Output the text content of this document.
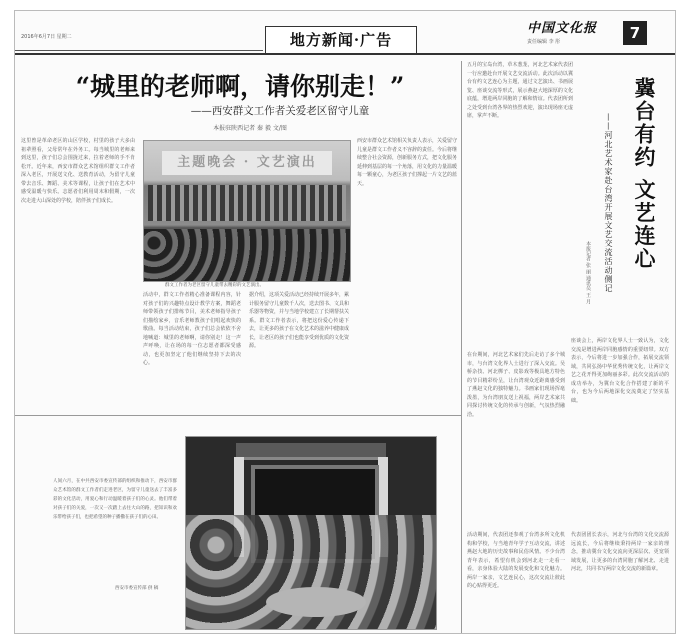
2016年6月7日 星期二	地方新闻·广告
中国文化报	7
责任编辑 李 彤
“城里的老师啊，请你别走！”
——西安群文工作者关爱老区留守儿童
本报驻陕西记者 秦 毅 文/图
这里曾是革命老区的山区学校，村里的孩子大多由祖辈照看，父母常年在外务工。每当城里的老师来到这里，孩子们总会围拢过来，拉着老师的手不肯松开。近年来，西安市群众艺术馆组织群文工作者深入老区，开展送文化、送教育活动，为留守儿童带去音乐、舞蹈、美术等课程，让孩子们在艺术中感受温暖与快乐。志愿者们利用周末和假期，一次次走进大山深处的学校，陪伴孩子们成长。
活动中，群文工作者精心准备课程内容，针对孩子们的兴趣特点设计教学方案，舞蹈老师带领孩子们排练节目，美术老师指导孩子们描绘家乡，音乐老师教孩子们唱起欢快的歌曲。每当活动结束，孩子们总会依依不舍地喊道：城里的老师啊，请你别走！这一声声呼唤，让在场的每一位志愿者都深受感动，也更加坚定了他们继续坚持下去的决心。
据介绍，这项关爱活动已经持续开展多年，累计服务留守儿童数千人次，送去图书、文具和乐器等物资，并与当地学校建立了长期帮扶关系。群文工作者表示，将把这份爱心传递下去，让更多的孩子在文化艺术的滋养中健康成长，让老区的孩子们也能享受到优质的文化资源。
西安市群众艺术馆相关负责人表示，关爱留守儿童是群文工作者义不容辞的责任。今后将继续整合社会资源，创新服务方式，把文化服务延伸到基层的每一个角落，用文化的力量温暖每一颗童心，为老区孩子们撑起一片文艺的蓝天。
主题晚会 · 文艺演出
群文工作者为老区留守儿童带去精彩的文艺演出。
人间六月，在中共西安市委宣传部的组织和推动下，西安市群众艺术馆的群文工作者们走进老区，为留守儿童送去了丰富多彩的文化活动，用爱心和行动温暖着孩子们的心灵。他们带着对孩子们的关爱，一次又一次踏上去往大山的路，把知识和欢乐带给孩子们，也把希望的种子播撒在孩子们的心田。
西安市委宣传部 供 稿
五月的宝岛台湾，草木葱茏，河北艺术家代表团一行应邀赴台开展文艺交流活动。此次活动以冀台有约文艺连心为主题，通过文艺演出、书画展览、座谈交流等形式，展示燕赵大地深厚的文化底蕴，增进两岸同胞的了解和情谊。代表团所到之处受到台湾各界的热烈欢迎，演出现场座无虚席，掌声不断。	冀台有约 文艺连心
——河北艺术家赴台湾开展文艺交流活动侧记
本报记者 张 丽 通讯员 王 月
在台期间，河北艺术家们先后走访了多个城市，与台湾文化界人士进行了深入交流。吴桥杂技、河北梆子、皮影戏等极具地方特色的节目精彩纷呈，让台湾观众近距离感受到了燕赵文化的独特魅力。书画家们现场挥毫泼墨，为台湾朋友送上祝福，两岸艺术家共同探讨传统文化的传承与创新，气氛热烈融洽。
座谈会上，两岸文化界人士一致认为，文化交流是增进两岸同胞感情的重要纽带。双方表示，今后将进一步加强合作，拓展交流领域，共同弘扬中华优秀传统文化，让两岸文艺之花开得更加绚丽多彩。此次交流活动的成功举办，为冀台文化合作搭建了新的平台，也为今后两地深化交流奠定了坚实基础。
活动期间，代表团还参观了台湾多所文化机构和学校，与当地青年学子互动交流，讲述燕赵大地的历史故事和民俗风情。不少台湾青年表示，希望有机会到河北走一走看一看，亲身体验大陆的发展变化和文化魅力。两岸一家亲，文艺连民心，这次交流让彼此的心贴得更近。
代表团团长表示，河北与台湾的文化交流源远流长，今后将继续秉持两岸一家亲的理念，推动冀台文化交流向更深层次、更宽领域发展，让更多的台湾同胞了解河北、走进河北，共同书写两岸文化交流的新篇章。
